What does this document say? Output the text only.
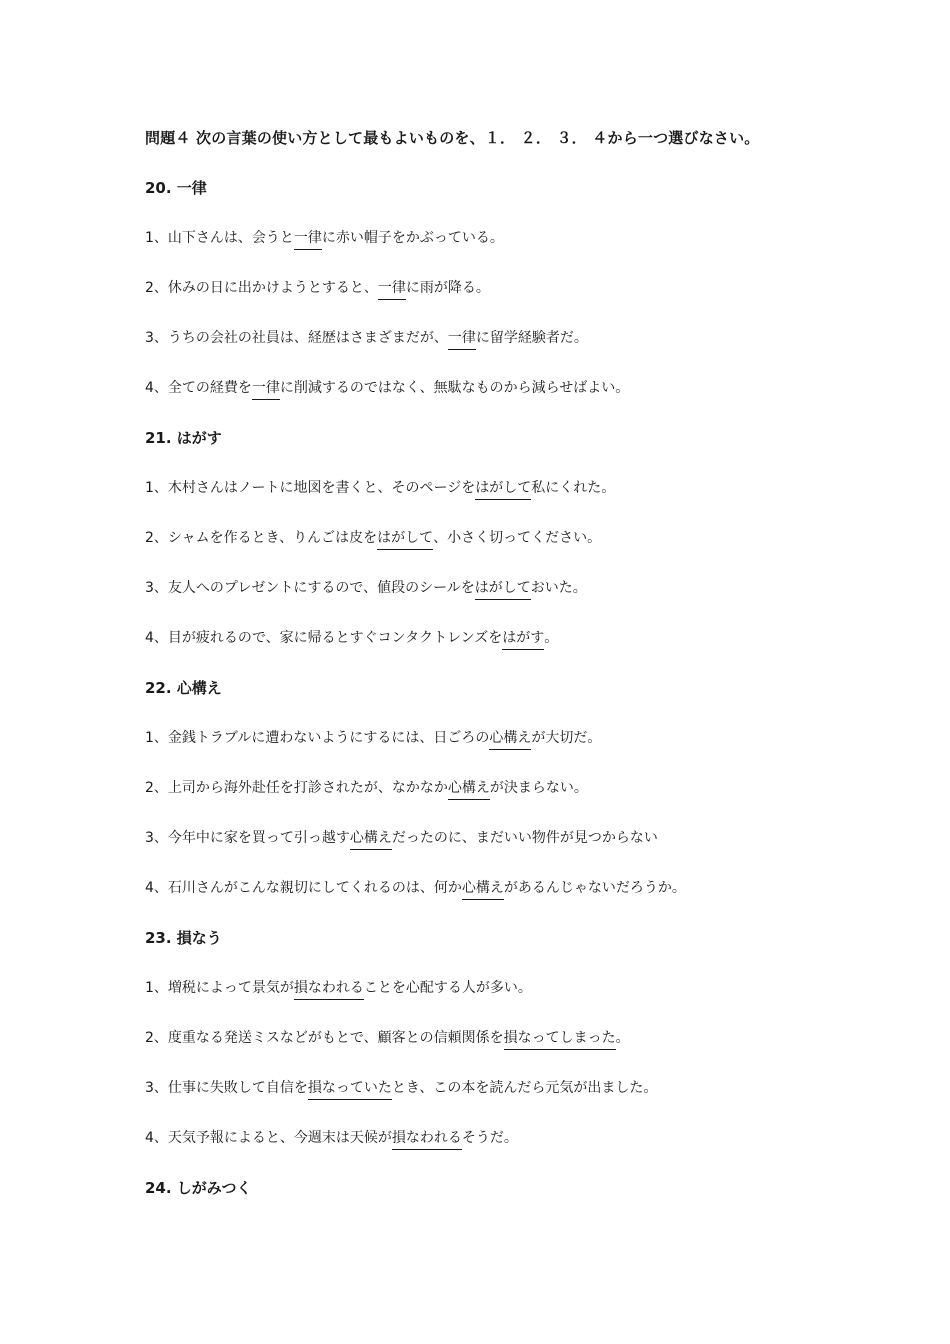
問題４ 次の言葉の使い方として最もよいものを、１． ２． ３． ４から一つ選びなさい。
20. 一律
1、山下さんは、会うと一律に赤い帽子をかぶっている。
2、休みの日に出かけようとすると、一律に雨が降る。
3、うちの会社の社員は、経歴はさまざまだが、一律に留学経験者だ。
4、全ての経費を一律に削減するのではなく、無駄なものから減らせばよい。
21. はがす
1、木村さんはノートに地図を書くと、そのページをはがして私にくれた。
2、シャムを作るとき、りんごは皮をはがして、小さく切ってください。
3、友人へのプレゼントにするので、値段のシールをはがしておいた。
4、目が疲れるので、家に帰るとすぐコンタクトレンズをはがす。
22. 心構え
1、金銭トラブルに遭わないようにするには、日ごろの心構えが大切だ。
2、上司から海外赴任を打診されたが、なかなか心構えが決まらない。
3、今年中に家を買って引っ越す心構えだったのに、まだいい物件が見つからない
4、石川さんがこんな親切にしてくれるのは、何か心構えがあるんじゃないだろうか。
23. 損なう
1、増税によって景気が損なわれることを心配する人が多い。
2、度重なる発送ミスなどがもとで、顧客との信頼関係を損なってしまった。
3、仕事に失敗して自信を損なっていたとき、この本を読んだら元気が出ました。
4、天気予報によると、今週末は天候が損なわれるそうだ。
24. しがみつく
